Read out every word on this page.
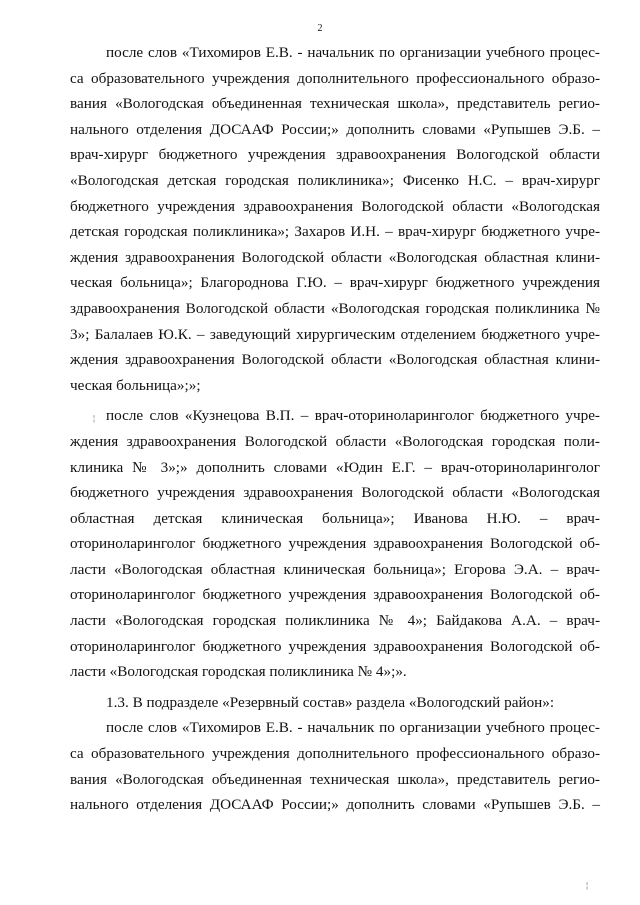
2
после слов «Тихомиров Е.В. - начальник по организации учебного процес-
са образовательного учреждения дополнительного профессионального образо-
вания «Вологодская объединенная техническая школа», представитель регио-
нального отделения ДОСААФ России;» дополнить словами «Рупышев Э.Б. –
врач-хирург бюджетного учреждения здравоохранения Вологодской области
«Вологодская детская городская поликлиника»; Фисенко Н.С. – врач-хирург
бюджетного учреждения здравоохранения Вологодской области «Вологодская
детская городская поликлиника»; Захаров И.Н. – врач-хирург бюджетного учре-
ждения здравоохранения Вологодской области «Вологодская областная клини-
ческая больница»; Благороднова Г.Ю. – врач-хирург бюджетного учреждения
здравоохранения Вологодской области «Вологодская городская поликлиника №
3»; Балалаев Ю.К. – заведующий хирургическим отделением бюджетного учре-
ждения здравоохранения Вологодской области «Вологодская областная клини-
ческая больница»;»;
после слов «Кузнецова В.П. – врач-оториноларинголог бюджетного учре-
ждения здравоохранения Вологодской области «Вологодская городская поли-
клиника № 3»;» дополнить словами «Юдин Е.Г. – врач-оториноларинголог
бюджетного учреждения здравоохранения Вологодской области «Вологодская
областная детская клиническая больница»; Иванова Н.Ю. – врач-
оториноларинголог бюджетного учреждения здравоохранения Вологодской об-
ласти «Вологодская областная клиническая больница»; Егорова Э.А. – врач-
оториноларинголог бюджетного учреждения здравоохранения Вологодской об-
ласти «Вологодская городская поликлиника № 4»; Байдакова А.А. – врач-
оториноларинголог бюджетного учреждения здравоохранения Вологодской об-
ласти «Вологодская городская поликлиника № 4»;».
1.3. В подразделе «Резервный состав» раздела «Вологодский район»:
после слов «Тихомиров Е.В. - начальник по организации учебного процес-
са образовательного учреждения дополнительного профессионального образо-
вания «Вологодская объединенная техническая школа», представитель регио-
нального отделения ДОСААФ России;» дополнить словами «Рупышев Э.Б. –
¦
¦
